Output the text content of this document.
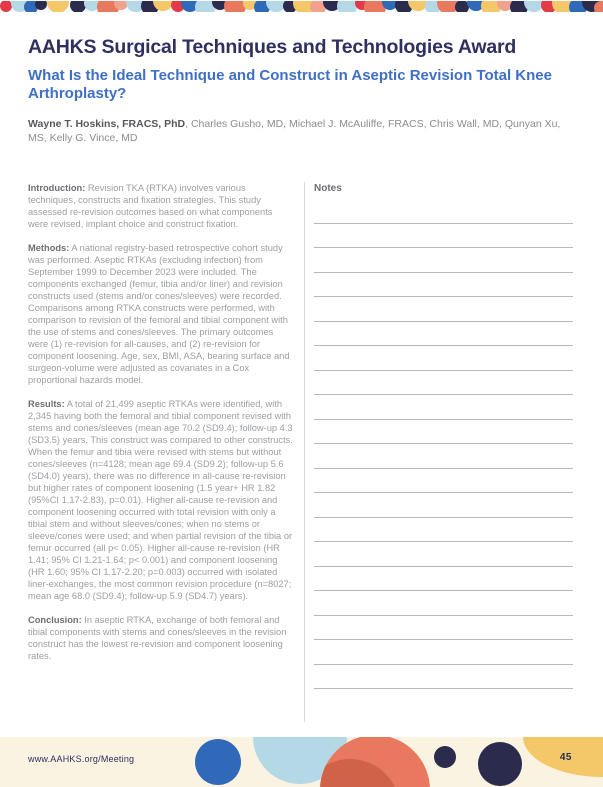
AAHKS Surgical Techniques and Technologies Award
What Is the Ideal Technique and Construct in Aseptic Revision Total Knee Arthroplasty?
Wayne T. Hoskins, FRACS, PhD, Charles Gusho, MD, Michael J. McAuliffe, FRACS, Chris Wall, MD, Qunyan Xu, MS, Kelly G. Vince, MD

Introduction: Revision TKA (RTKA) involves various techniques, constructs and fixation strategies. This study assessed re-revision outcomes based on what components were revised, implant choice and construct fixation.

Methods: A national registry-based retrospective cohort study was performed. Aseptic RTKAs (excluding infection) from September 1999 to December 2023 were included. The components exchanged (femur, tibia and/or liner) and revision constructs used (stems and/or cones/sleeves) were recorded. Comparisons among RTKA constructs were performed, with comparison to revision of the femoral and tibial component with the use of stems and cones/sleeves. The primary outcomes were (1) re-revision for all-causes, and (2) re-revision for component loosening. Age, sex, BMI, ASA, bearing surface and surgeon-volume were adjusted as covariates in a Cox proportional hazards model.

Results: A total of 21,499 aseptic RTKAs were identified, with 2,345 having both the femoral and tibial component revised with stems and cones/sleeves (mean age 70.2 (SD9.4); follow-up 4.3 (SD3.5) years. This construct was compared to other constructs. When the femur and tibia were revised with stems but without cones/sleeves (n=4128; mean age 69.4 (SD9.2); follow-up 5.6 (SD4.0) years), there was no difference in all-cause re-revision but higher rates of component loosening (1.5 year+ HR 1.82 (95%CI 1.17-2.83), p=0.01). Higher all-cause re-revision and component loosening occurred with total revision with only a tibial stem and without sleeves/cones; when no stems or sleeve/cones were used; and when partial revision of the tibia or femur occurred (all p< 0.05). Higher all-cause re-revision (HR 1.41; 95% CI 1.21-1.64; p< 0.001) and component loosening (HR 1.60; 95% CI 1.17-2.20; p=0.003) occurred with isolated liner-exchanges, the most common revision procedure (n=8027; mean age 68.0 (SD9.4); follow-up 5.9 (SD4.7) years).

Conclusion: In aseptic RTKA, exchange of both femoral and tibial components with stems and cones/sleeves in the revision construct has the lowest re-revision and component loosening rates.

Notes
www.AAHKS.org/Meeting	45
